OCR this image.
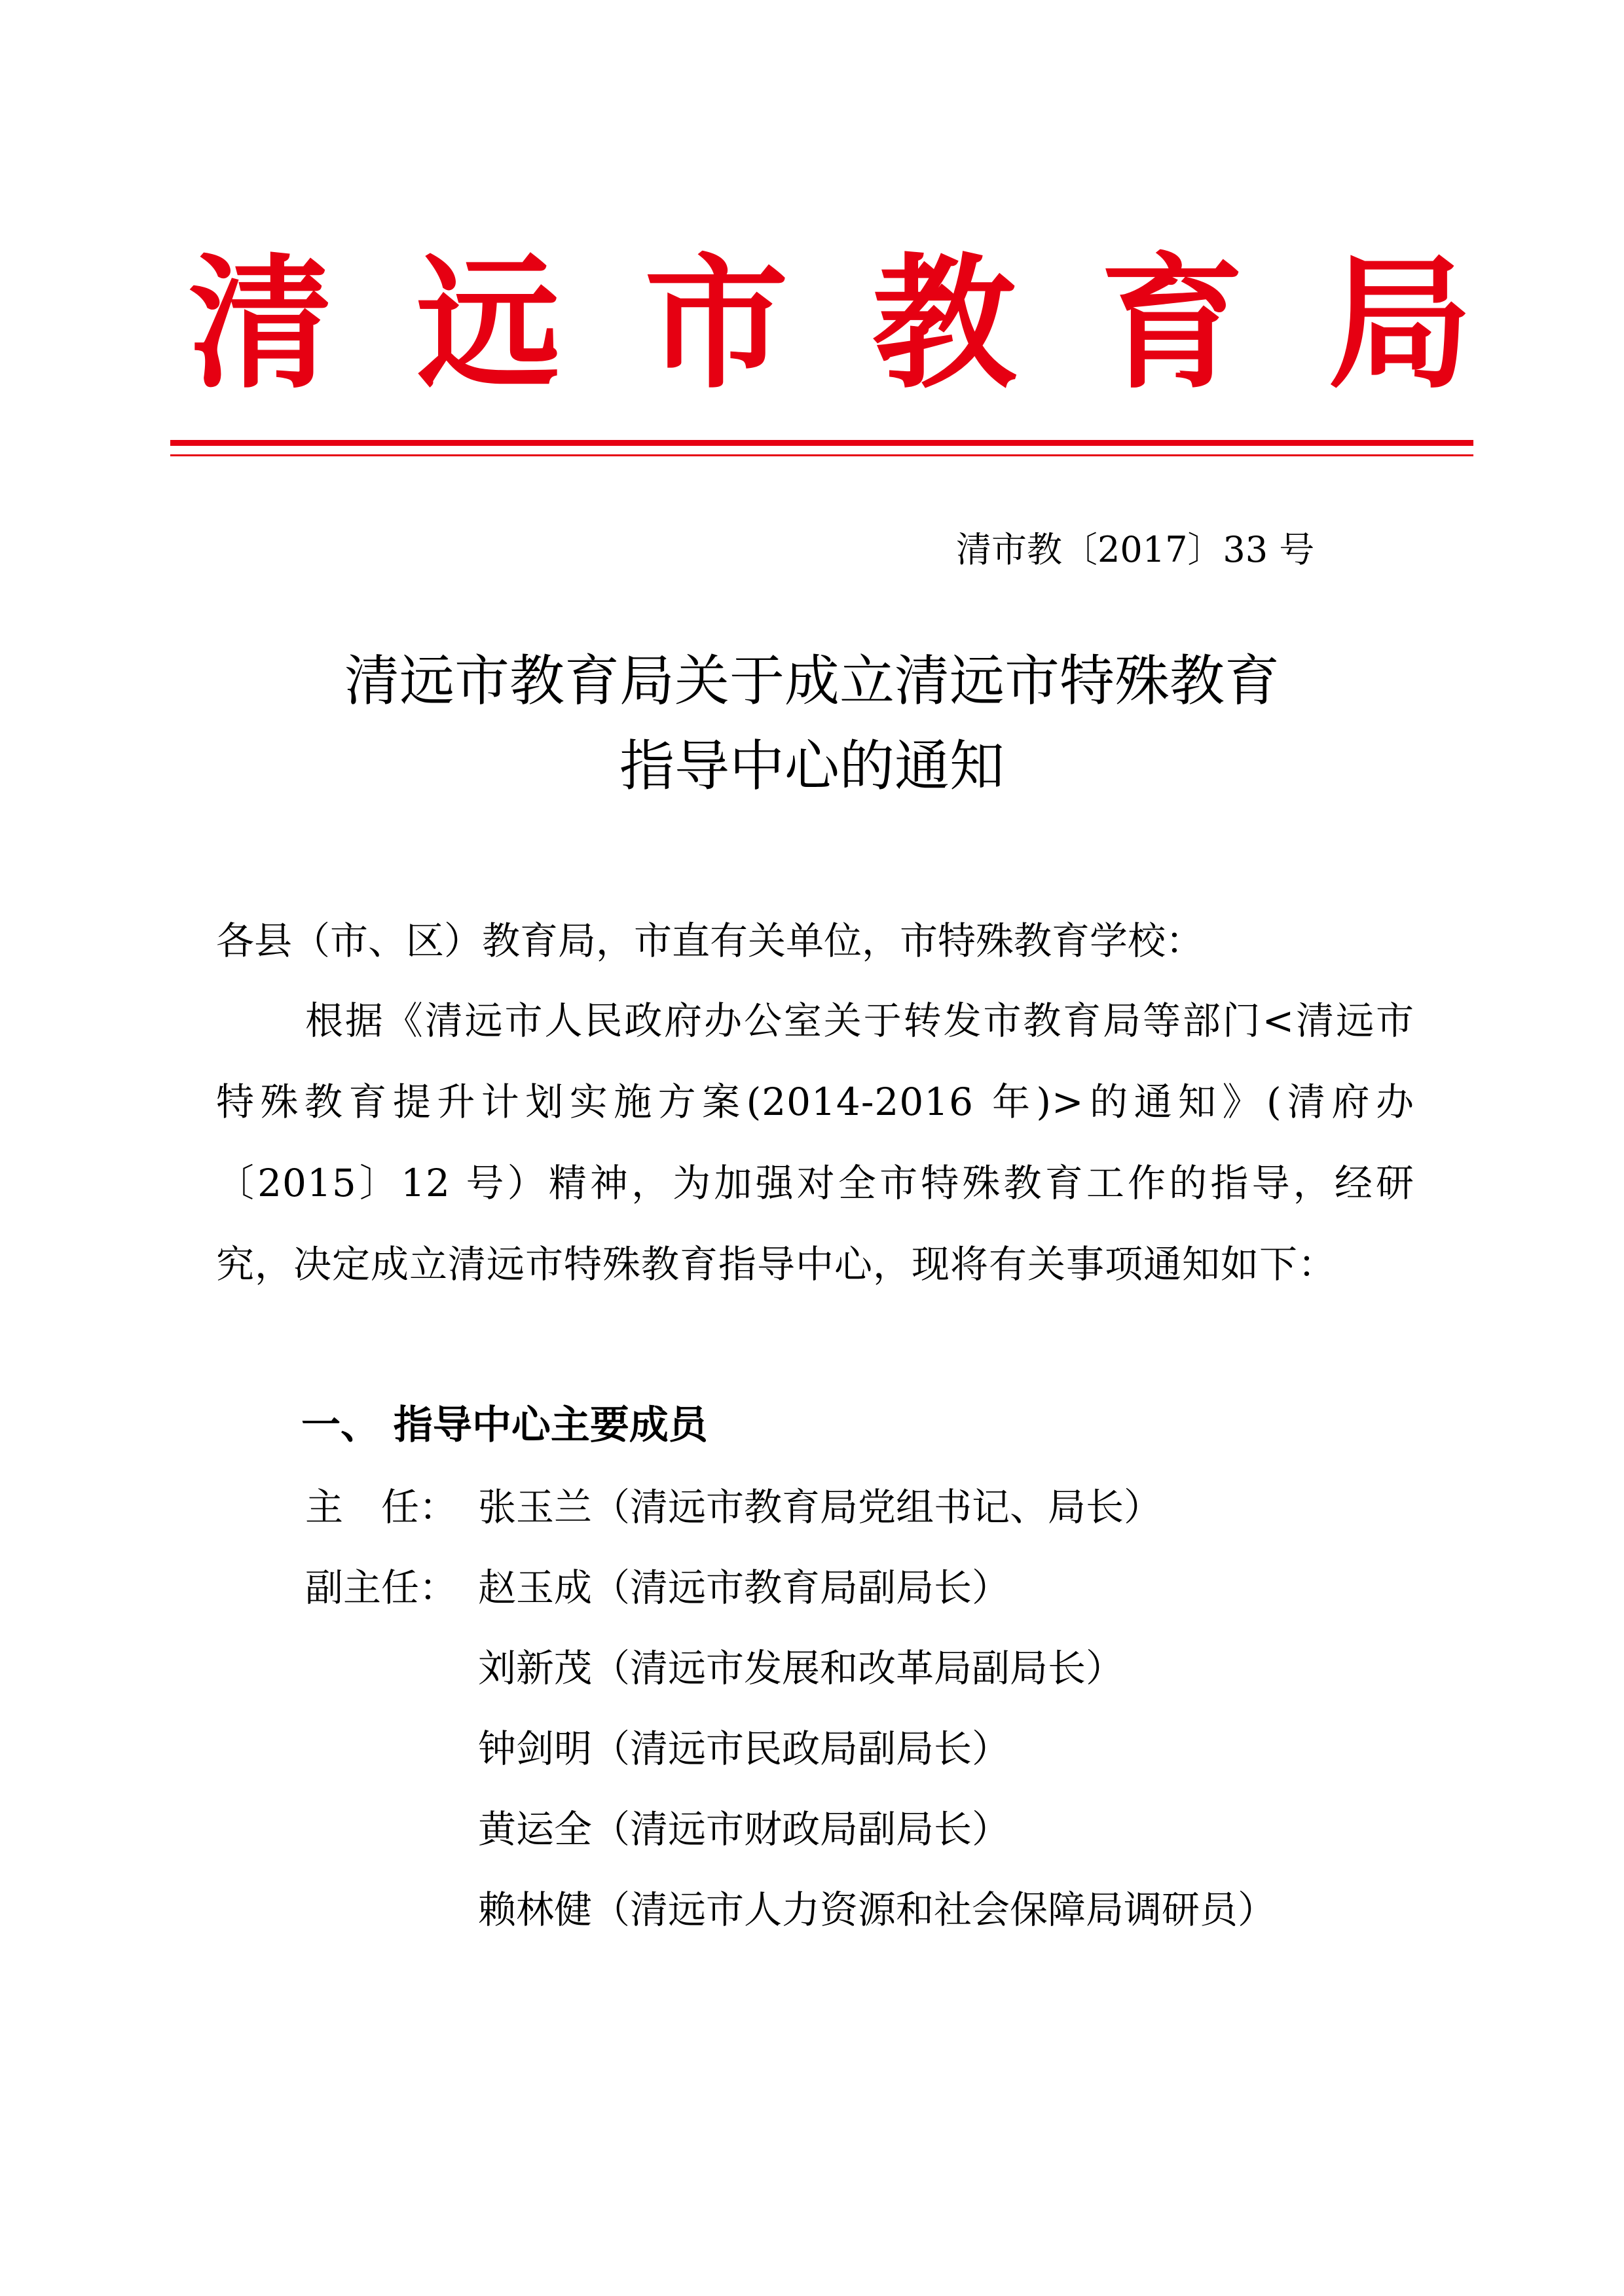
清 远 市 教 育 局
清市教〔2017〕33 号
清远市教育局关于成立清远市特殊教育
指导中心的通知
各县（市、区）教育局，市直有关单位，市特殊教育学校：
根据《清远市人民政府办公室关于转发市教育局等部门<清远市特殊教育提升计划实施方案(2014-2016 年)>的通知》(清府办〔2015〕12 号）精神，为加强对全市特殊教育工作的指导，经研究，决定成立清远市特殊教育指导中心，现将有关事项通知如下：
一、 指导中心主要成员
主　任： 张玉兰（清远市教育局党组书记、局长）
副主任： 赵玉成（清远市教育局副局长）
刘新茂（清远市发展和改革局副局长）
钟剑明（清远市民政局副局长）
黄运全（清远市财政局副局长）
赖林健（清远市人力资源和社会保障局调研员）
